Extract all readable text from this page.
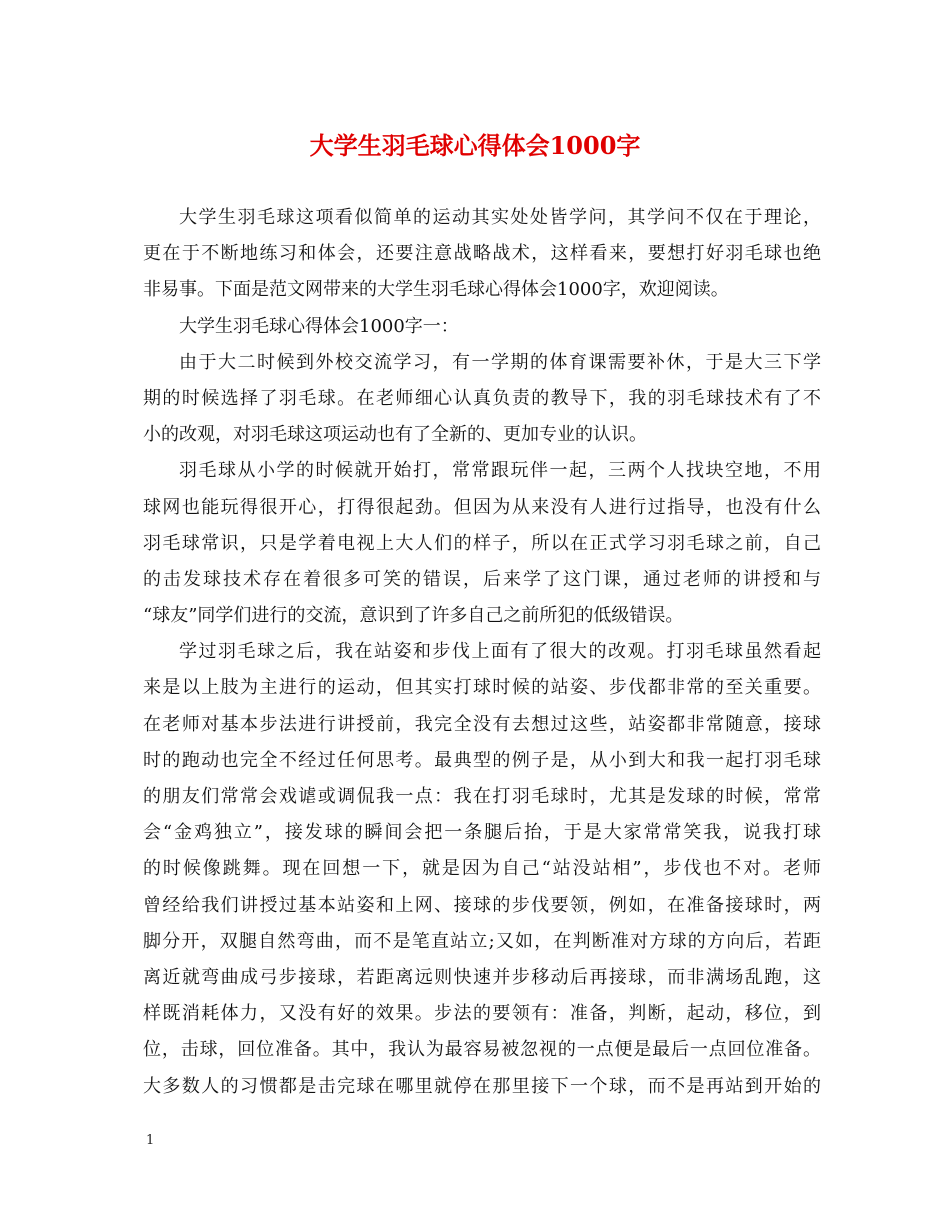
大学生羽毛球心得体会1000字
大学生羽毛球这项看似简单的运动其实处处皆学问，其学问不仅在于理论，
更在于不断地练习和体会，还要注意战略战术，这样看来，要想打好羽毛球也绝
非易事。下面是范文网带来的大学生羽毛球心得体会1000字，欢迎阅读。
大学生羽毛球心得体会1000字一：
由于大二时候到外校交流学习，有一学期的体育课需要补休，于是大三下学
期的时候选择了羽毛球。在老师细心认真负责的教导下，我的羽毛球技术有了不
小的改观，对羽毛球这项运动也有了全新的、更加专业的认识。
羽毛球从小学的时候就开始打，常常跟玩伴一起，三两个人找块空地，不用
球网也能玩得很开心，打得很起劲。但因为从来没有人进行过指导，也没有什么
羽毛球常识，只是学着电视上大人们的样子，所以在正式学习羽毛球之前，自己
的击发球技术存在着很多可笑的错误，后来学了这门课，通过老师的讲授和与
“球友”同学们进行的交流，意识到了许多自己之前所犯的低级错误。
学过羽毛球之后，我在站姿和步伐上面有了很大的改观。打羽毛球虽然看起
来是以上肢为主进行的运动，但其实打球时候的站姿、步伐都非常的至关重要。
在老师对基本步法进行讲授前，我完全没有去想过这些，站姿都非常随意，接球
时的跑动也完全不经过任何思考。最典型的例子是，从小到大和我一起打羽毛球
的朋友们常常会戏谑或调侃我一点：我在打羽毛球时，尤其是发球的时候，常常
会“金鸡独立”，接发球的瞬间会把一条腿后抬，于是大家常常笑我，说我打球
的时候像跳舞。现在回想一下，就是因为自己“站没站相”，步伐也不对。老师
曾经给我们讲授过基本站姿和上网、接球的步伐要领，例如，在准备接球时，两
脚分开，双腿自然弯曲，而不是笔直站立;又如，在判断准对方球的方向后，若距
离近就弯曲成弓步接球，若距离远则快速并步移动后再接球，而非满场乱跑，这
样既消耗体力，又没有好的效果。步法的要领有：准备，判断，起动，移位，到
位，击球，回位准备。其中，我认为最容易被忽视的一点便是最后一点回位准备。
大多数人的习惯都是击完球在哪里就停在那里接下一个球，而不是再站到开始的
1
